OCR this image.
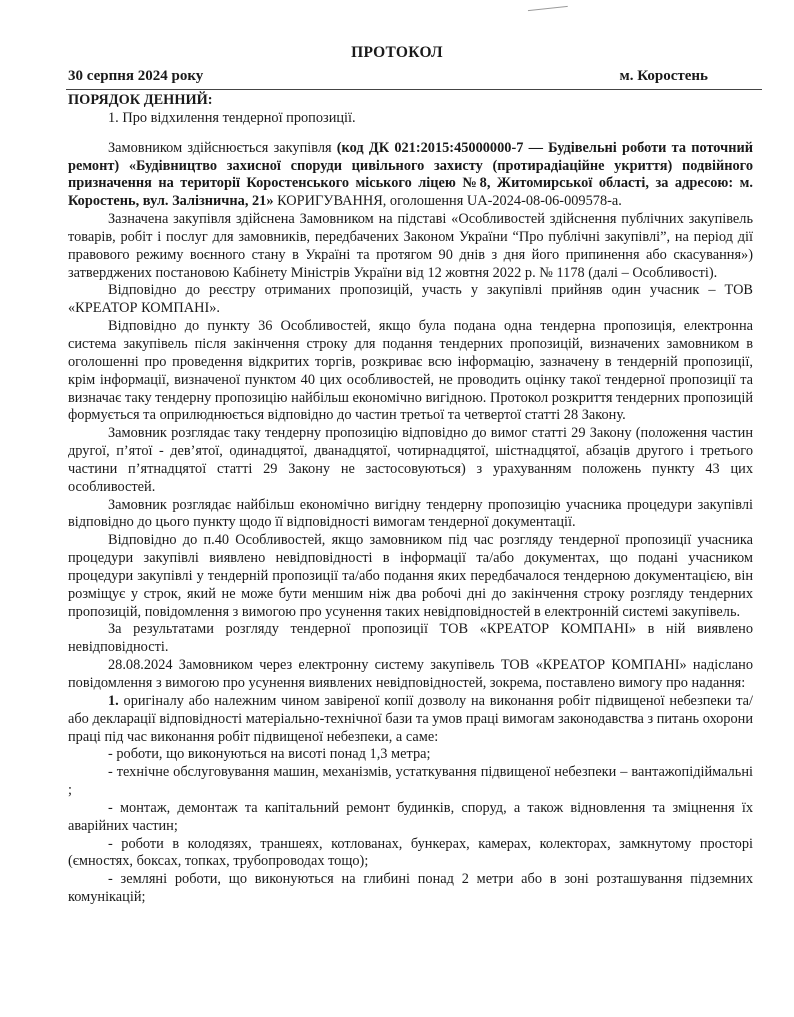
ПРОТОКОЛ
30 серпня 2024 року	м. Коростень
ПОРЯДОК ДЕННИЙ:

1. Про відхилення тендерної пропозиції.

Замовником здійснюється закупівля (код ДК 021:2015:45000000-7 — Будівельні роботи та поточний ремонт) «Будівництво захисної споруди цивільного захисту (протирадіаційне укриття) подвійного призначення на території Коростенського міського ліцею №8, Житомирської області, за адресою: м. Коростень, вул. Залізнична, 21» КОРИГУВАННЯ, оголошення UA-2024-08-06-009578-а.

Зазначена закупівля здійснена Замовником на підставі «Особливостей здійснення публічних закупівель товарів, робіт і послуг для замовників, передбачених Законом України “Про публічні закупівлі”, на період дії правового режиму воєнного стану в Україні та протягом 90 днів з дня його припинення або скасування») затверджених постановою Кабінету Міністрів України від 12 жовтня 2022 р. № 1178 (далі – Особливості).

Відповідно до реєстру отриманих пропозицій, участь у закупівлі прийняв один учасник – ТОВ «КРЕАТОР КОМПАНІ».

Відповідно до пункту 36 Особливостей, якщо була подана одна тендерна пропозиція, електронна система закупівель після закінчення строку для подання тендерних пропозицій, визначених замовником в оголошенні про проведення відкритих торгів, розкриває всю інформацію, зазначену в тендерній пропозиції, крім інформації, визначеної пунктом 40 цих особливостей, не проводить оцінку такої тендерної пропозиції та визначає таку тендерну пропозицію найбільш економічно вигідною. Протокол розкриття тендерних пропозицій формується та оприлюднюється відповідно до частин третьої та четвертої статті 28 Закону.

Замовник розглядає таку тендерну пропозицію відповідно до вимог статті 29 Закону (положення частин другої, п’ятої - дев’ятої, одинадцятої, дванадцятої, чотирнадцятої, шістнадцятої, абзаців другого і третього частини п’ятнадцятої статті 29 Закону не застосовуються) з урахуванням положень пункту 43 цих особливостей.

Замовник розглядає найбільш економічно вигідну тендерну пропозицію учасника процедури закупівлі відповідно до цього пункту щодо її відповідності вимогам тендерної документації.

Відповідно до п.40 Особливостей, якщо замовником під час розгляду тендерної пропозиції учасника процедури закупівлі виявлено невідповідності в інформації та/або документах, що подані учасником процедури закупівлі у тендерній пропозиції та/або подання яких передбачалося тендерною документацією, він розміщує у строк, який не може бути меншим ніж два робочі дні до закінчення строку розгляду тендерних пропозицій, повідомлення з вимогою про усунення таких невідповідностей в електронній системі закупівель.

За результатами розгляду тендерної пропозиції ТОВ «КРЕАТОР КОМПАНІ» в ній виявлено невідповідності.

28.08.2024 Замовником через електронну систему закупівель ТОВ «КРЕАТОР КОМПАНІ» надіслано повідомлення з вимогою про усунення виявлених невідповідностей, зокрема, поставлено вимогу про надання:

1. оригіналу або належним чином завіреної копії дозволу на виконання робіт підвищеної небезпеки та/або декларації відповідності матеріально-технічної бази та умов праці вимогам законодавства з питань охорони праці під час виконання робіт підвищеної небезпеки, а саме:

- роботи, що виконуються на висоті понад 1,3 метра;

- технічне обслуговування машин, механізмів, устаткування підвищеної небезпеки – вантажопідіймальні ;

- монтаж, демонтаж та капітальний ремонт будинків, споруд, а також відновлення та зміцнення їх аварійних частин;

- роботи в колодязях, траншеях, котлованах, бункерах, камерах, колекторах, замкнутому просторі (ємностях, боксах, топках, трубопроводах тощо);

- земляні роботи, що виконуються на глибині понад 2 метри або в зоні розташування підземних комунікацій;
